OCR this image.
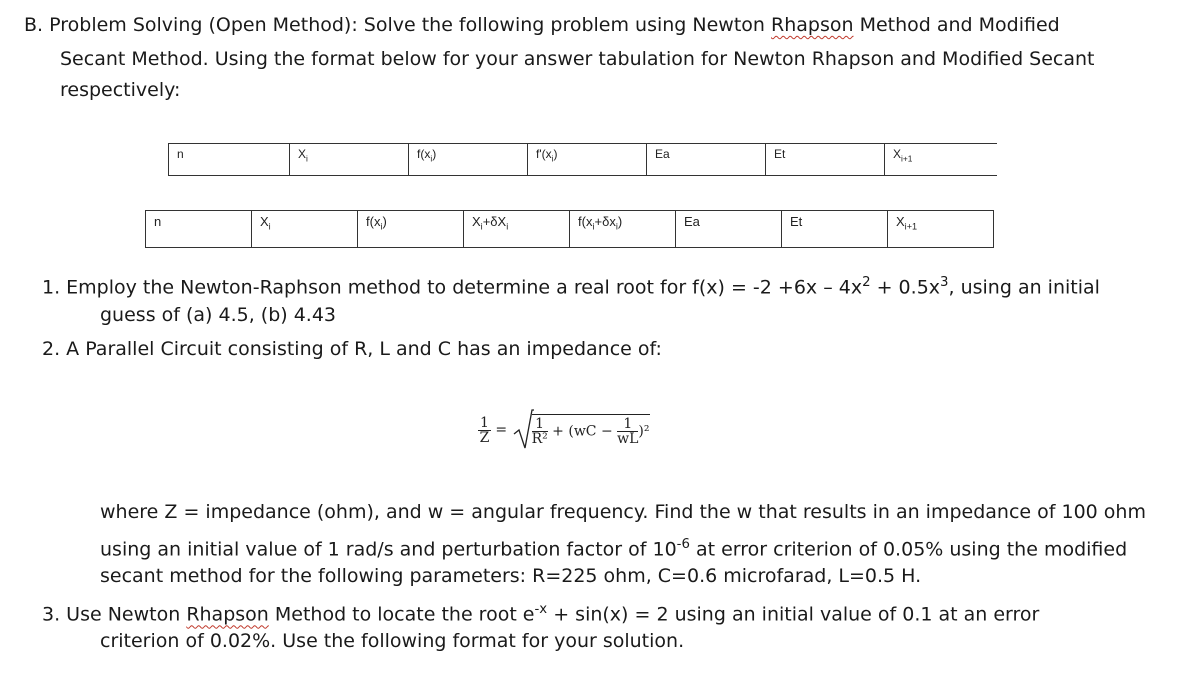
B. Problem Solving (Open Method): Solve the following problem using Newton Rhapson Method and Modified
Secant Method. Using the format below for your answer tabulation for Newton Rhapson and Modified Secant
respectively:
n	$X_i$	$f(x_i)$	$f'(x_i)$	Ea	Et	$X_{i+1}$
n	$X_i$	$f(x_i)$	$X_i+\delta X_i$	$f(x_i+\delta x_i)$	Ea	Et	$X_{i+1}$
1. Employ the Newton-Raphson method to determine a real root for $f(x) = -2 +6x - 4x^2 + 0.5x^3$, using an initial
guess of (a) 4.5, (b) 4.43
2. A Parallel Circuit consisting of R, L and C has an impedance of:
$\frac{1}{Z} = \frac{1}{\text{R²}} + (wC - \frac{1}{wL} )^2$
where Z = impedance (ohm), and w = angular frequency. Find the w that results in an impedance of 100 ohm
using an initial value of 1 rad/s and perturbation factor of $10^{-6}$ at error criterion of 0.05% using the modified
secant method for the following parameters: R=225 ohm, C=0.6 microfarad, L=0.5 H.
3. Use Newton Rhapson Method to locate the root $e^{-x} + \sin(x) = 2$ using an initial value of 0.1 at an error
criterion of 0.02%. Use the following format for your solution.
